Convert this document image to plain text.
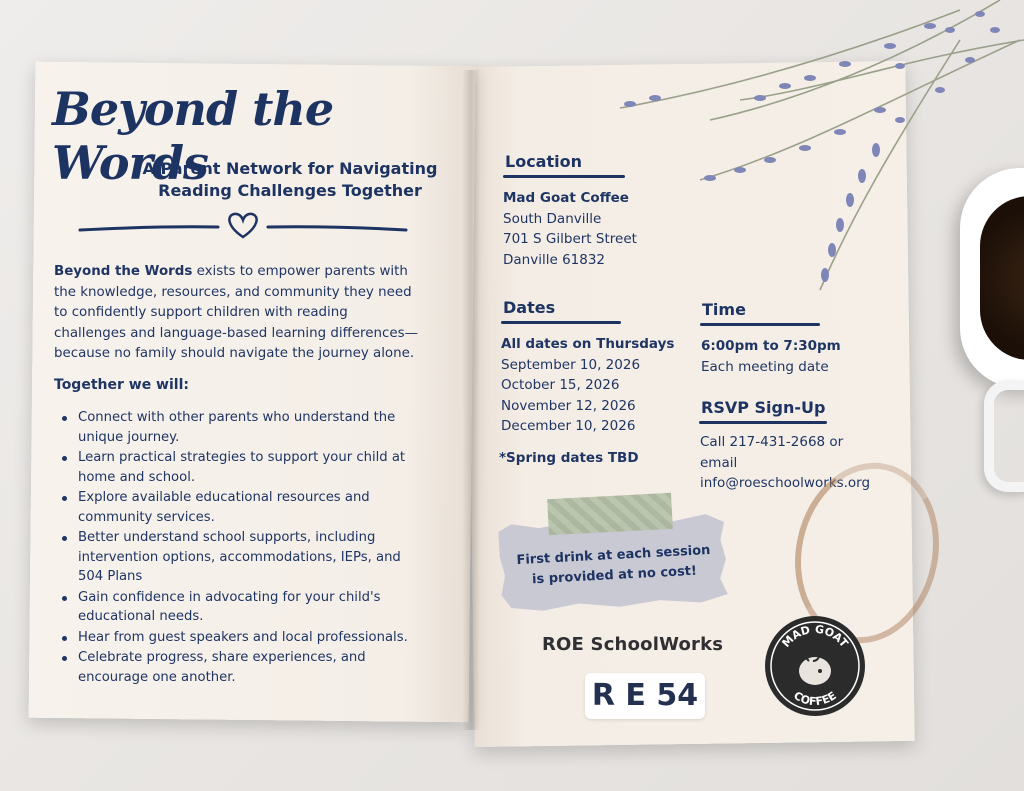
Beyond the Words
A Parent Network for Navigating
Reading Challenges Together
Beyond the Words exists to empower parents with
the knowledge, resources, and community they need
to confidently support children with reading
challenges and language-based learning differences—
because no family should navigate the journey alone.
Together we will:
Connect with other parents who understand the
unique journey.
Learn practical strategies to support your child at
home and school.
Explore available educational resources and
community services.
Better understand school supports, including
intervention options, accommodations, IEPs, and
504 Plans
Gain confidence in advocating for your child's
educational needs.
Hear from guest speakers and local professionals.
Celebrate progress, share experiences, and
encourage one another.
Location
Mad Goat Coffee
South Danville
701 S Gilbert Street
Danville 61832
Dates
All dates on Thursdays
September 10, 2026
October 15, 2026
November 12, 2026
December 10, 2026
*Spring dates TBD
Time
6:00pm to 7:30pm
Each meeting date
RSVP Sign-Up
Call 217-431-2668 or
email
info@roeschoolworks.org
First drink at each session
is provided at no cost!
ROE SchoolWorks
R E 54
MAD GOAT
COFFEE
